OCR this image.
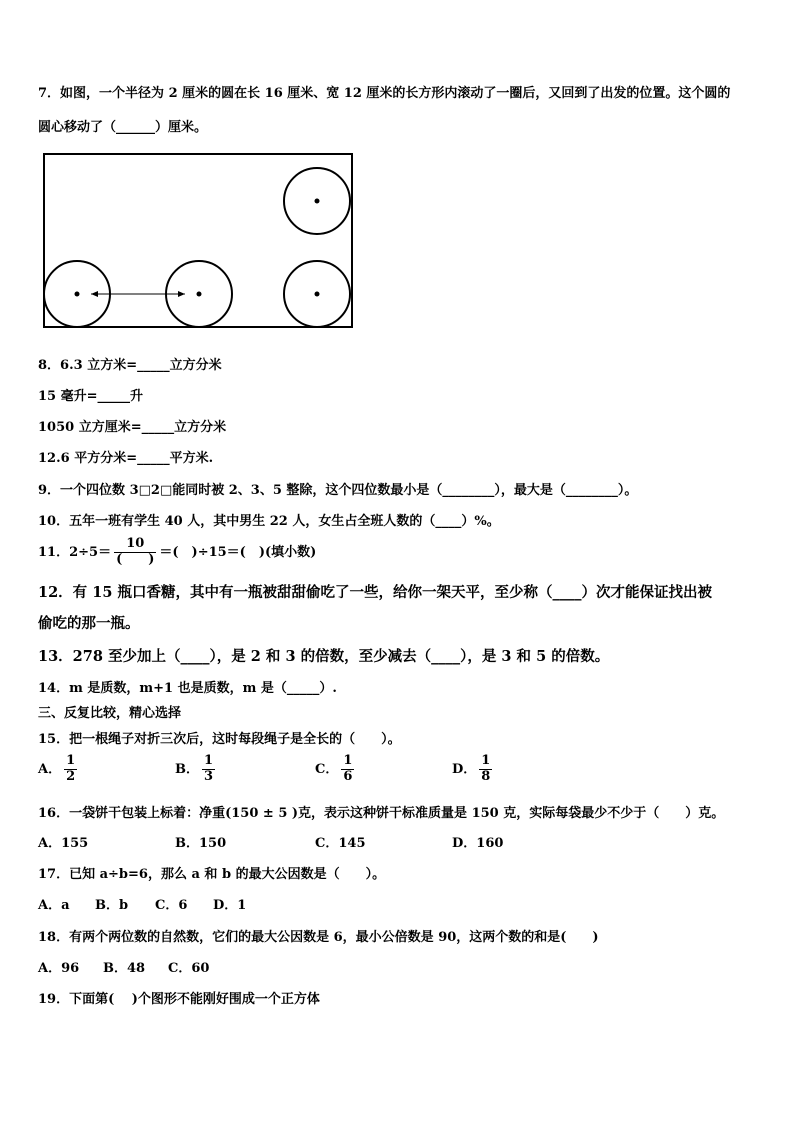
7．如图，一个半径为 2 厘米的圆在长 16 厘米、宽 12 厘米的长方形内滚动了一圈后，又回到了出发的位置。这个圆的
圆心移动了（______）厘米。
8．6.3 立方米=_____立方分米
15 毫升=_____升
1050 立方厘米=_____立方分米
12.6 平方分米=_____平方米.
9．一个四位数 3□2□能同时被 2、3、5 整除，这个四位数最小是（________），最大是（________）。
10．五年一班有学生 40 人，其中男生 22 人，女生占全班人数的（____）%。
11．$2\div 5= \frac{10}{( )}$ ＝(　)÷15＝(　)(填小数)
12．有 15 瓶口香糖，其中有一瓶被甜甜偷吃了一些，给你一架天平，至少称（____）次才能保证找出被
偷吃的那一瓶。
13．278 至少加上（____），是 2 和 3 的倍数，至少减去（____），是 3 和 5 的倍数。
14．m 是质数，m+1 也是质数，m 是（_____）.
三、反复比较，精心选择
15．把一根绳子对折三次后，这时每段绳子是全长的（　　）。
A． $\frac{1}{2}$	B． $\frac{1}{3}$	C． $\frac{1}{6}$	D． $\frac{1}{8}$
16．一袋饼干包装上标着：净重(150 ± 5 )克，表示这种饼干标准质量是 150 克，实际每袋最少不少于（　　）克。
A．155	B．150	C．145	D．160
17．已知 a÷b=6，那么 a 和 b 的最大公因数是（　　）。
A．a B．b C．6 D．1
18．有两个两位数的自然数，它们的最大公因数是 6，最小公倍数是 90，这两个数的和是(　　)
A．96 B．48 C．60
19．下面第(　 )个图形不能刚好围成一个正方体
